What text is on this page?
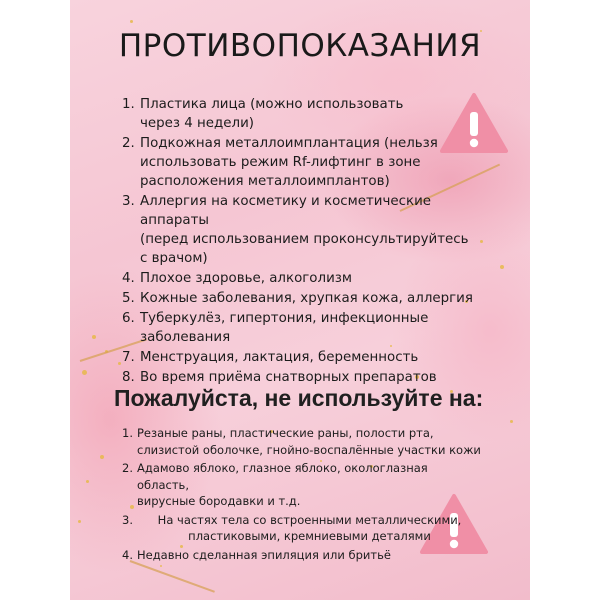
ПРОТИВОПОКАЗАНИЯ
1. Пластика лица (можно использовать
через 4 недели)
2. Подкожная металлоимплантация (нельзя
использовать режим Rf-лифтинг в зоне
расположения металлоимплантов)
3. Аллергия на косметику и косметические аппараты
(перед использованием проконсультируйтесь
с врачом)
4. Плохое здоровье, алкоголизм
5. Кожные заболевания, хрупкая кожа, аллергия
6. Туберкулёз, гипертония, инфекционные
заболевания
7. Менструация, лактация, беременность
8. Во время приёма снатворных препаратов
Пожалуйста, не используйте на:
1. Резаные раны, пластические раны, полости рта,
слизистой оболочке, гнойно-воспалённые участки кожи
2. Адамово яблоко, глазное яблоко, окологлазная область,
вирусные бородавки и т.д.
3.	На частях тела со встроенными металлическими,
пластиковыми, кремниевыми деталями
4. Недавно сделанная эпиляция или бритьё
